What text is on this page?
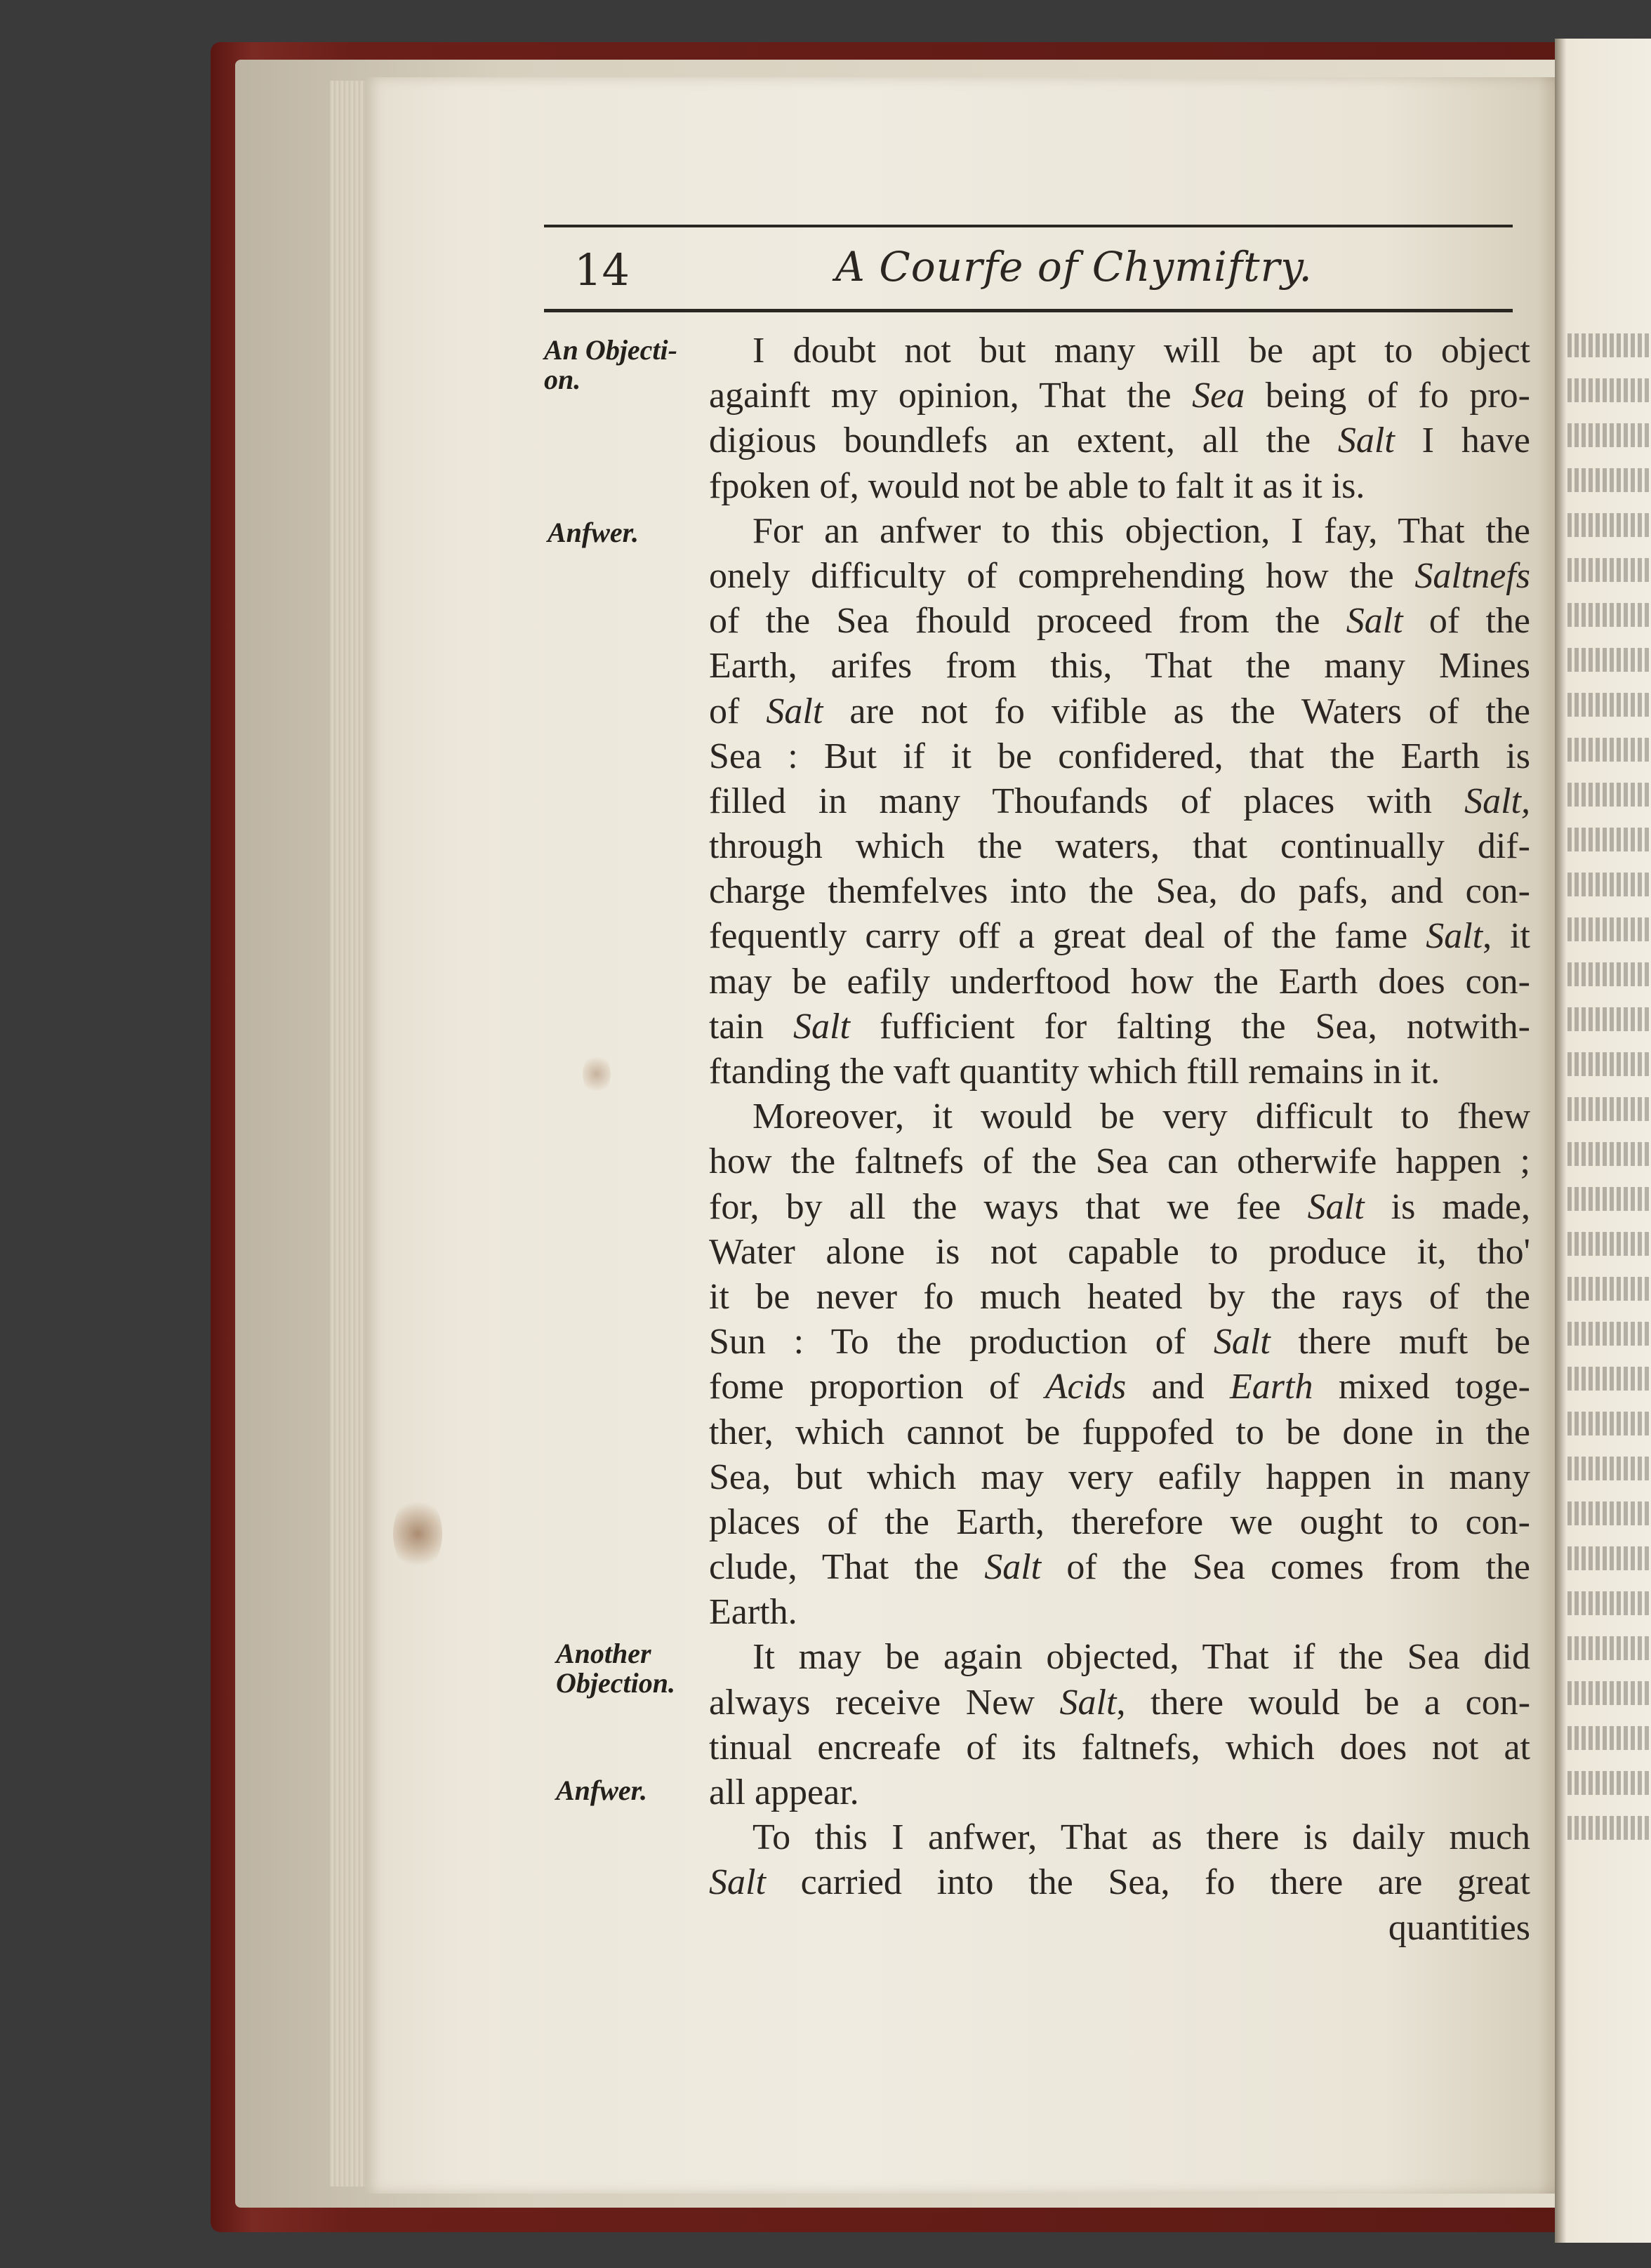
14	A Courfe of Chymiftry.
An Objecti-
on.
Anfwer.
Another
Objection.
Anfwer.
I doubt not but many will be apt to object
againft my opinion, That the Sea being of fo pro-
digious boundlefs an extent, all the Salt I have
fpoken of, would not be able to falt it as it is.
For an anfwer to this objection, I fay, That the
onely difficulty of comprehending how the Saltnefs
of the Sea fhould proceed from the Salt of the
Earth, arifes from this, That the many Mines
of Salt are not fo vifible as the Waters of the
Sea : But if it be confidered, that the Earth is
filled in many Thoufands of places with Salt,
through which the waters, that continually dif-
charge themfelves into the Sea, do pafs, and con-
fequently carry off a great deal of the fame Salt, it
may be eafily underftood how the Earth does con-
tain Salt fufficient for falting the Sea, notwith-
ftanding the vaft quantity which ftill remains in it.
Moreover, it would be very difficult to fhew
how the faltnefs of the Sea can otherwife happen ;
for, by all the ways that we fee Salt is made,
Water alone is not capable to produce it, tho'
it be never fo much heated by the rays of the
Sun : To the production of Salt there muft be
fome proportion of Acids and Earth mixed toge-
ther, which cannot be fuppofed to be done in the
Sea, but which may very eafily happen in many
places of the Earth, therefore we ought to con-
clude, That the Salt of the Sea comes from the
Earth.
It may be again objected, That if the Sea did
always receive New Salt, there would be a con-
tinual encreafe of its faltnefs, which does not at
all appear.
To this I anfwer, That as there is daily much
Salt carried into the Sea, fo there are great
quantities
